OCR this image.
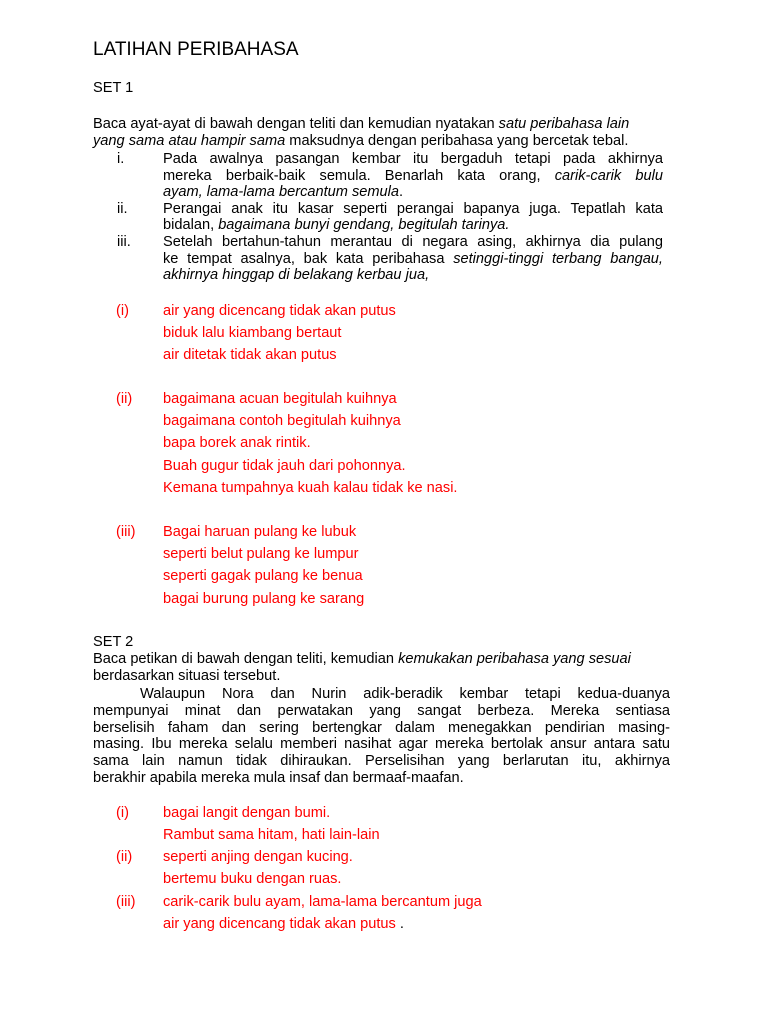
LATIHAN PERIBAHASA
SET 1
Baca ayat-ayat di bawah dengan teliti dan kemudian nyatakan satu peribahasa lain
yang sama atau hampir sama maksudnya dengan peribahasa yang bercetak tebal.
i.	Pada awalnya pasangan kembar itu bergaduh tetapi pada akhirnya
mereka berbaik-baik semula. Benarlah kata orang, carik-carik bulu
ayam, lama-lama bercantum semula.
ii. Perangai anak itu kasar seperti perangai bapanya juga. Tepatlah kata
bidalan, bagaimana bunyi gendang, begitulah tarinya.
iii. Setelah bertahun-tahun merantau di negara asing, akhirnya dia pulang
ke tempat asalnya, bak kata peribahasa setinggi-tinggi terbang bangau,
akhirnya hinggap di belakang kerbau jua,
(i) air yang dicencang tidak akan putus
biduk lalu kiambang bertaut
air ditetak tidak akan putus
(ii) bagaimana acuan begitulah kuihnya
bagaimana contoh begitulah kuihnya
bapa borek anak rintik.
Buah gugur tidak jauh dari pohonnya.
Kemana tumpahnya kuah kalau tidak ke nasi.
(iii) Bagai haruan pulang ke lubuk
seperti belut pulang ke lumpur
seperti gagak pulang ke benua
bagai burung pulang ke sarang
SET 2
Baca petikan di bawah dengan teliti, kemudian kemukakan peribahasa yang sesuai
berdasarkan situasi tersebut.
Walaupun Nora dan Nurin adik-beradik kembar tetapi kedua-duanya
mempunyai minat dan perwatakan yang sangat berbeza. Mereka sentiasa
berselisih faham dan sering bertengkar dalam menegakkan pendirian masing-
masing. Ibu mereka selalu memberi nasihat agar mereka bertolak ansur antara satu
sama lain namun tidak dihiraukan. Perselisihan yang berlarutan itu, akhirnya
berakhir apabila mereka mula insaf dan bermaaf-maafan.
(i) bagai langit dengan bumi.
Rambut sama hitam, hati lain-lain
(ii) seperti anjing dengan kucing.
bertemu buku dengan ruas.
(iii) carik-carik bulu ayam, lama-lama bercantum juga
air yang dicencang tidak akan putus .
